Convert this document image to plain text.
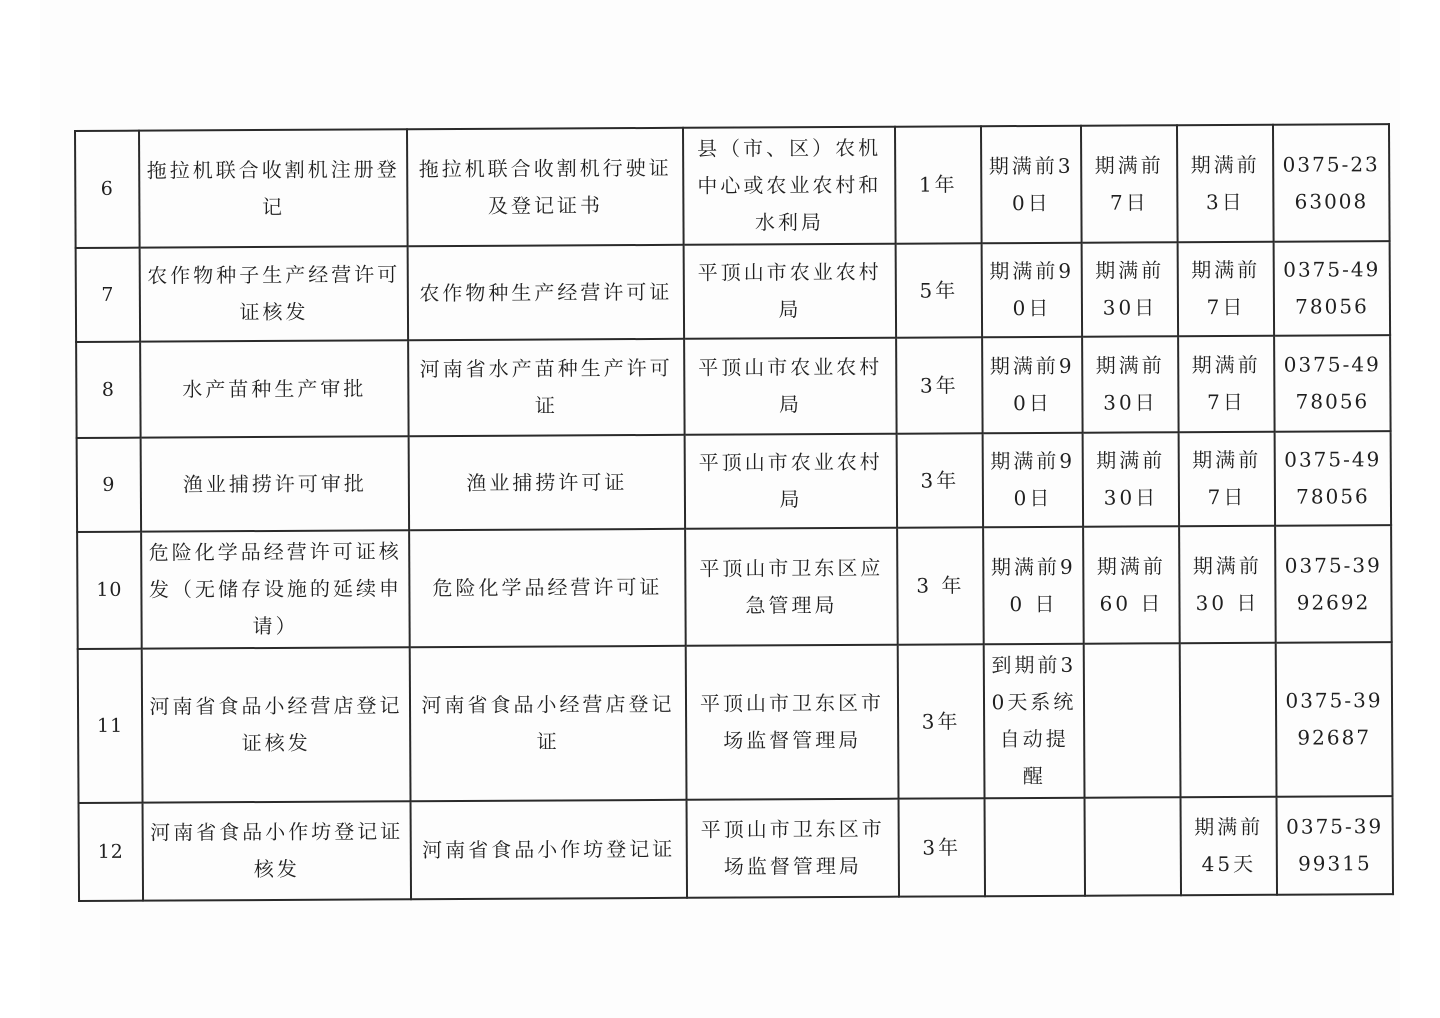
6	拖拉机联合收割机注册登记	拖拉机联合收割机行驶证及登记证书	县（市、区）农机中心或农业农村和水利局	1年	期满前30日	期满前7日	期满前3日	0375-2363008
7	农作物种子生产经营许可证核发	农作物种生产经营许可证	平顶山市农业农村局	5年	期满前90日	期满前30日	期满前7日	0375-4978056
8	水产苗种生产审批	河南省水产苗种生产许可证	平顶山市农业农村局	3年	期满前90日	期满前30日	期满前7日	0375-4978056
9	渔业捕捞许可审批	渔业捕捞许可证	平顶山市农业农村局	3年	期满前90日	期满前30日	期满前7日	0375-4978056
10	危险化学品经营许可证核发（无储存设施的延续申请）	危险化学品经营许可证	平顶山市卫东区应急管理局	3 年	期满前90 日	期满前60 日	期满前30 日	0375-3992692
11	河南省食品小经营店登记证核发	河南省食品小经营店登记证	平顶山市卫东区市场监督管理局	3年	到期前30天系统自动提醒			0375-3992687
12	河南省食品小作坊登记证核发	河南省食品小作坊登记证	平顶山市卫东区市场监督管理局	3年			期满前45天	0375-3999315
